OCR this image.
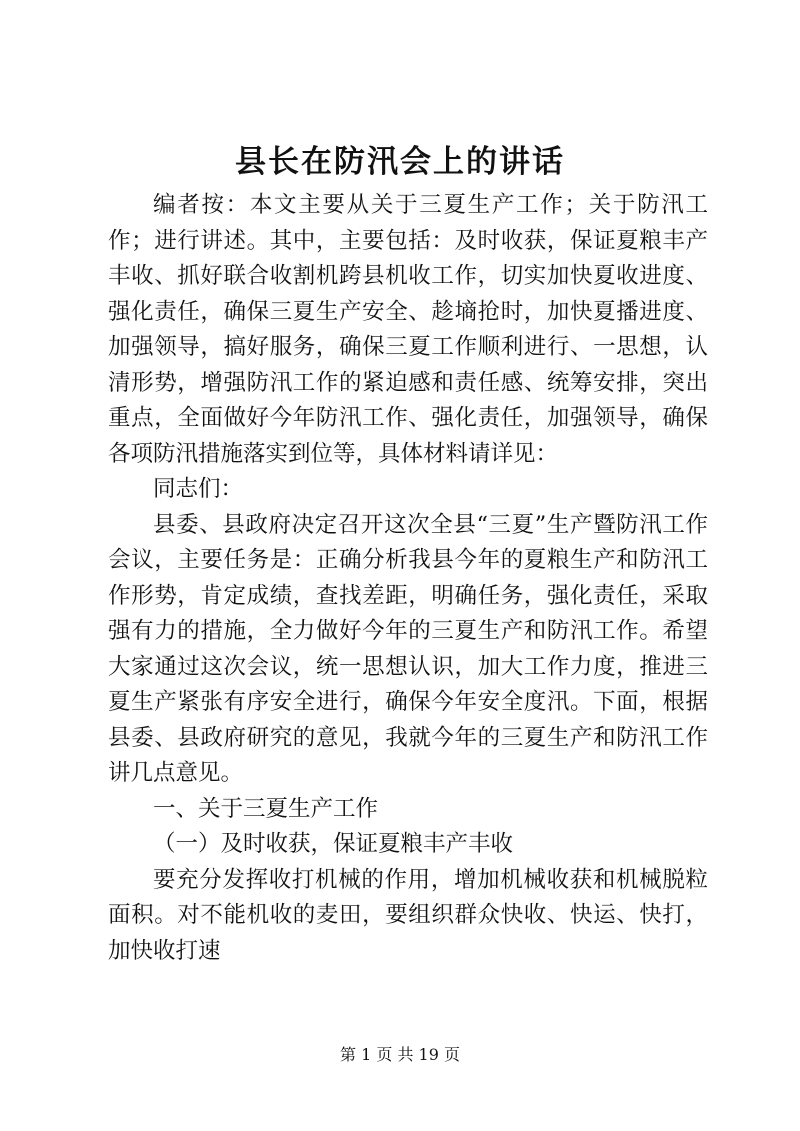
县长在防汛会上的讲话

编者按：本文主要从关于三夏生产工作；关于防汛工作；进行讲述。其中，主要包括：及时收获，保证夏粮丰产丰收、抓好联合收割机跨县机收工作，切实加快夏收进度、强化责任，确保三夏生产安全、趁墒抢时，加快夏播进度、加强领导，搞好服务，确保三夏工作顺利进行、一思想，认清形势，增强防汛工作的紧迫感和责任感、统筹安排，突出重点，全面做好今年防汛工作、强化责任，加强领导，确保各项防汛措施落实到位等，具体材料请详见：

同志们：

县委、县政府决定召开这次全县“三夏”生产暨防汛工作会议，主要任务是：正确分析我县今年的夏粮生产和防汛工作形势，肯定成绩，查找差距，明确任务，强化责任，采取强有力的措施，全力做好今年的三夏生产和防汛工作。希望大家通过这次会议，统一思想认识，加大工作力度，推进三夏生产紧张有序安全进行，确保今年安全度汛。下面，根据县委、县政府研究的意见，我就今年的三夏生产和防汛工作讲几点意见。

一、关于三夏生产工作

（一）及时收获，保证夏粮丰产丰收

要充分发挥收打机械的作用，增加机械收获和机械脱粒面积。对不能机收的麦田，要组织群众快收、快运、快打，加快收打速

第 1 页 共 19 页
